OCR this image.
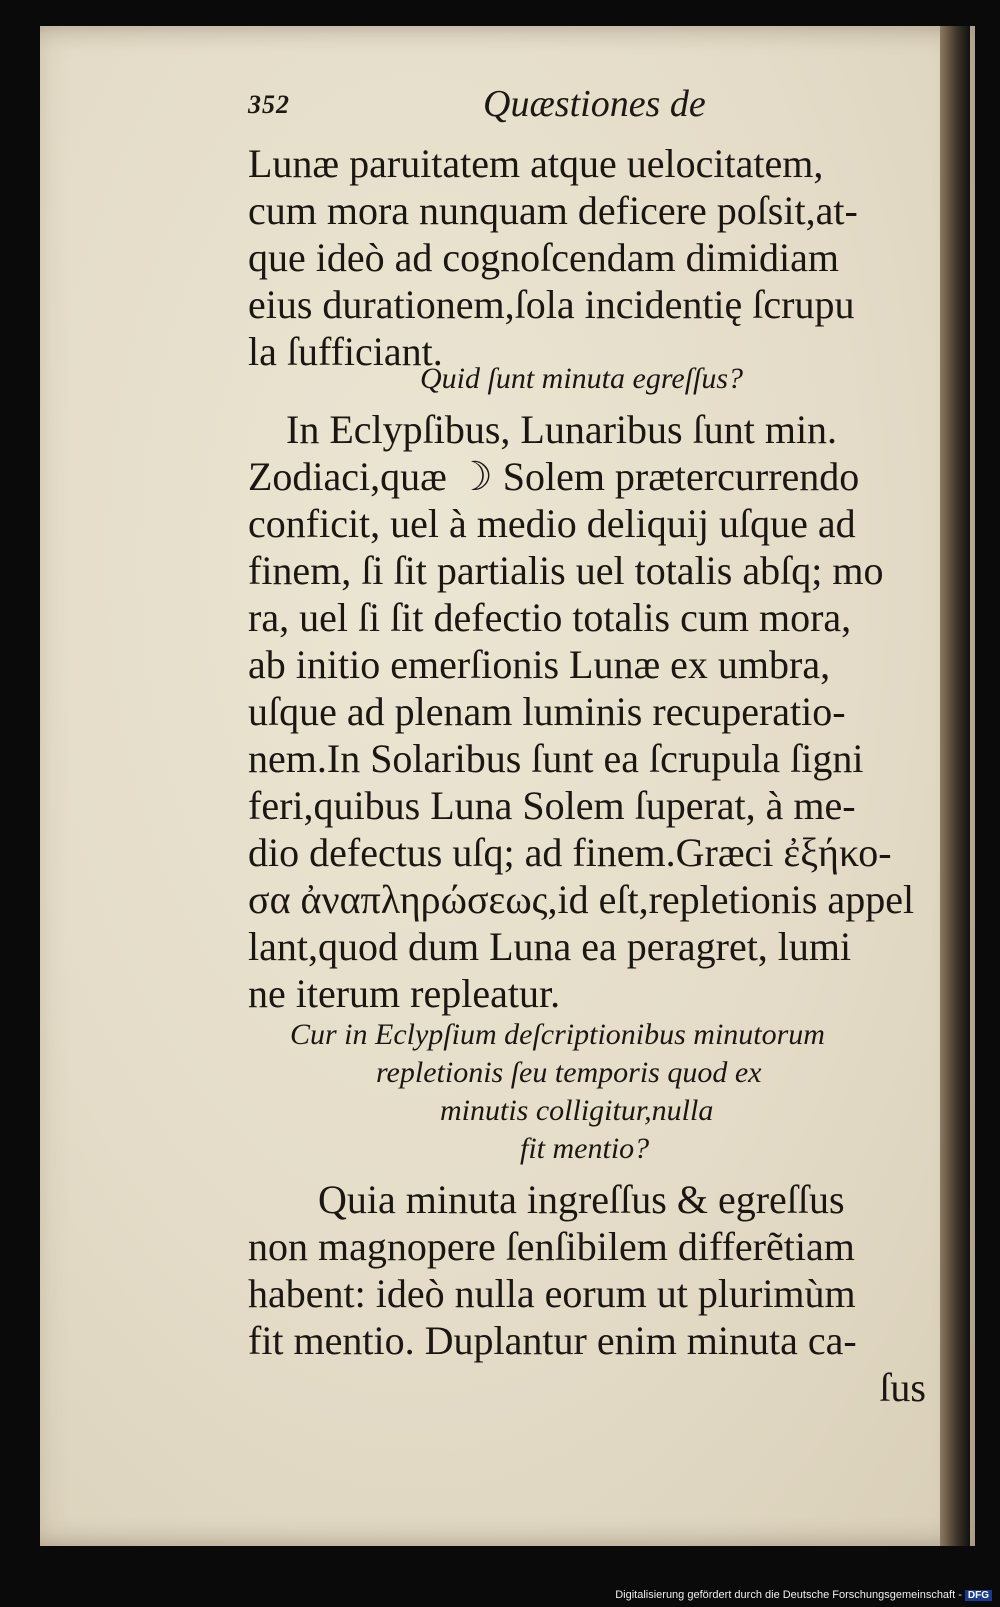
352	Quæstiones de
Lunæ paruitatem atque uelocitatem,
cum mora nunquam deficere poſsit,at-
que ideò ad cognoſcendam dimidiam
eius durationem,ſola incidentię ſcrupu
la ſufficiant.
Quid ſunt minuta egreſſus?
In Eclypſibus, Lunaribus ſunt min.
Zodiaci,quæ ☽ Solem prætercurrendo
conficit, uel à medio deliquij uſque ad
finem, ſi ſit partialis uel totalis abſq; mo
ra, uel ſi ſit defectio totalis cum mora,
ab initio emerſionis Lunæ ex umbra,
uſque ad plenam luminis recuperatio-
nem.In Solaribus ſunt ea ſcrupula ſigni
feri,quibus Luna Solem ſuperat, à me-
dio defectus uſq; ad finem.Græci ἐξήκο-
σα ἀναπληρώσεως,id eſt,repletionis appel
lant,quod dum Luna ea peragret, lumi
ne iterum repleatur.
Cur in Eclypſium deſcriptionibus minutorum
repletionis ſeu temporis quod ex
minutis colligitur,nulla
fit mentio?
Quia minuta ingreſſus & egreſſus
non magnopere ſenſibilem differẽtiam
habent: ideò nulla eorum ut plurimùm
fit mentio. Duplantur enim minuta ca-
ſus
Digitalisierung gefördert durch die Deutsche Forschungsgemeinschaft - DFG
